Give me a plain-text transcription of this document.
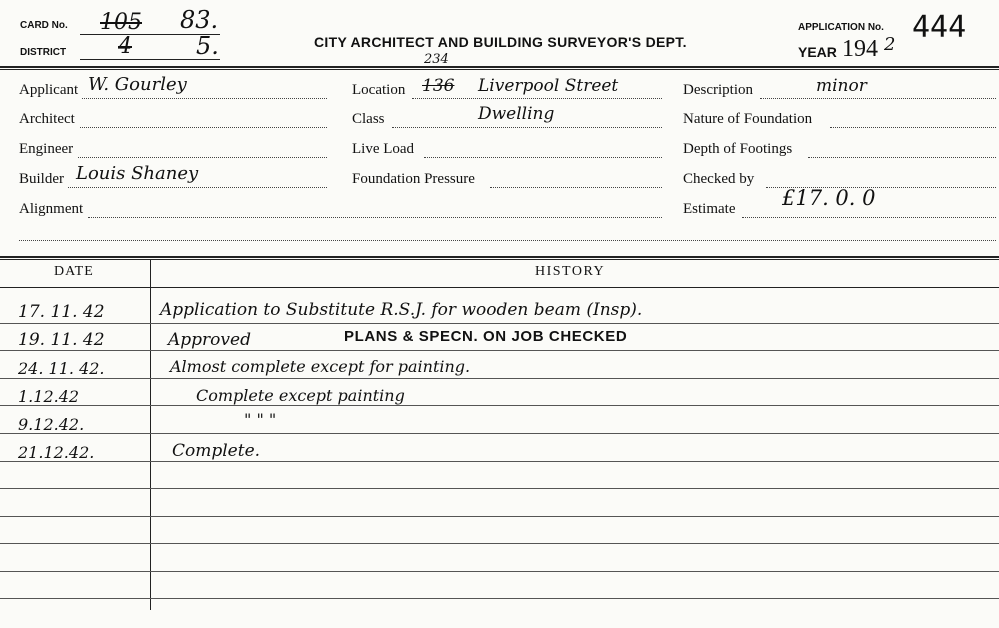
CARD No. 105 83.
DISTRICT 4	5.	CITY ARCHITECT AND BUILDING SURVEYOR'S DEPT.
APPLICATION No. 444
YEAR 194 2
Applicant W. Gourley
Architect
Engineer
Builder Louis Shaney
Alignment
Location
234
136 Liverpool Street
Class	Dwelling
Live Load
Foundation Pressure
Description	minor
Nature of Foundation
Depth of Footings
Checked by
Estimate £17. 0. 0
DATE	HISTORY
17. 11. 42	Application to Substitute R.S.J. for wooden beam (Insp).
19. 11. 42	Approved	PLANS & SPECN. ON JOB CHECKED
24. 11. 42.	Almost complete except for painting.
1.12.42	Complete except painting
9.12.42.	" " "
21.12.42.	Complete.
